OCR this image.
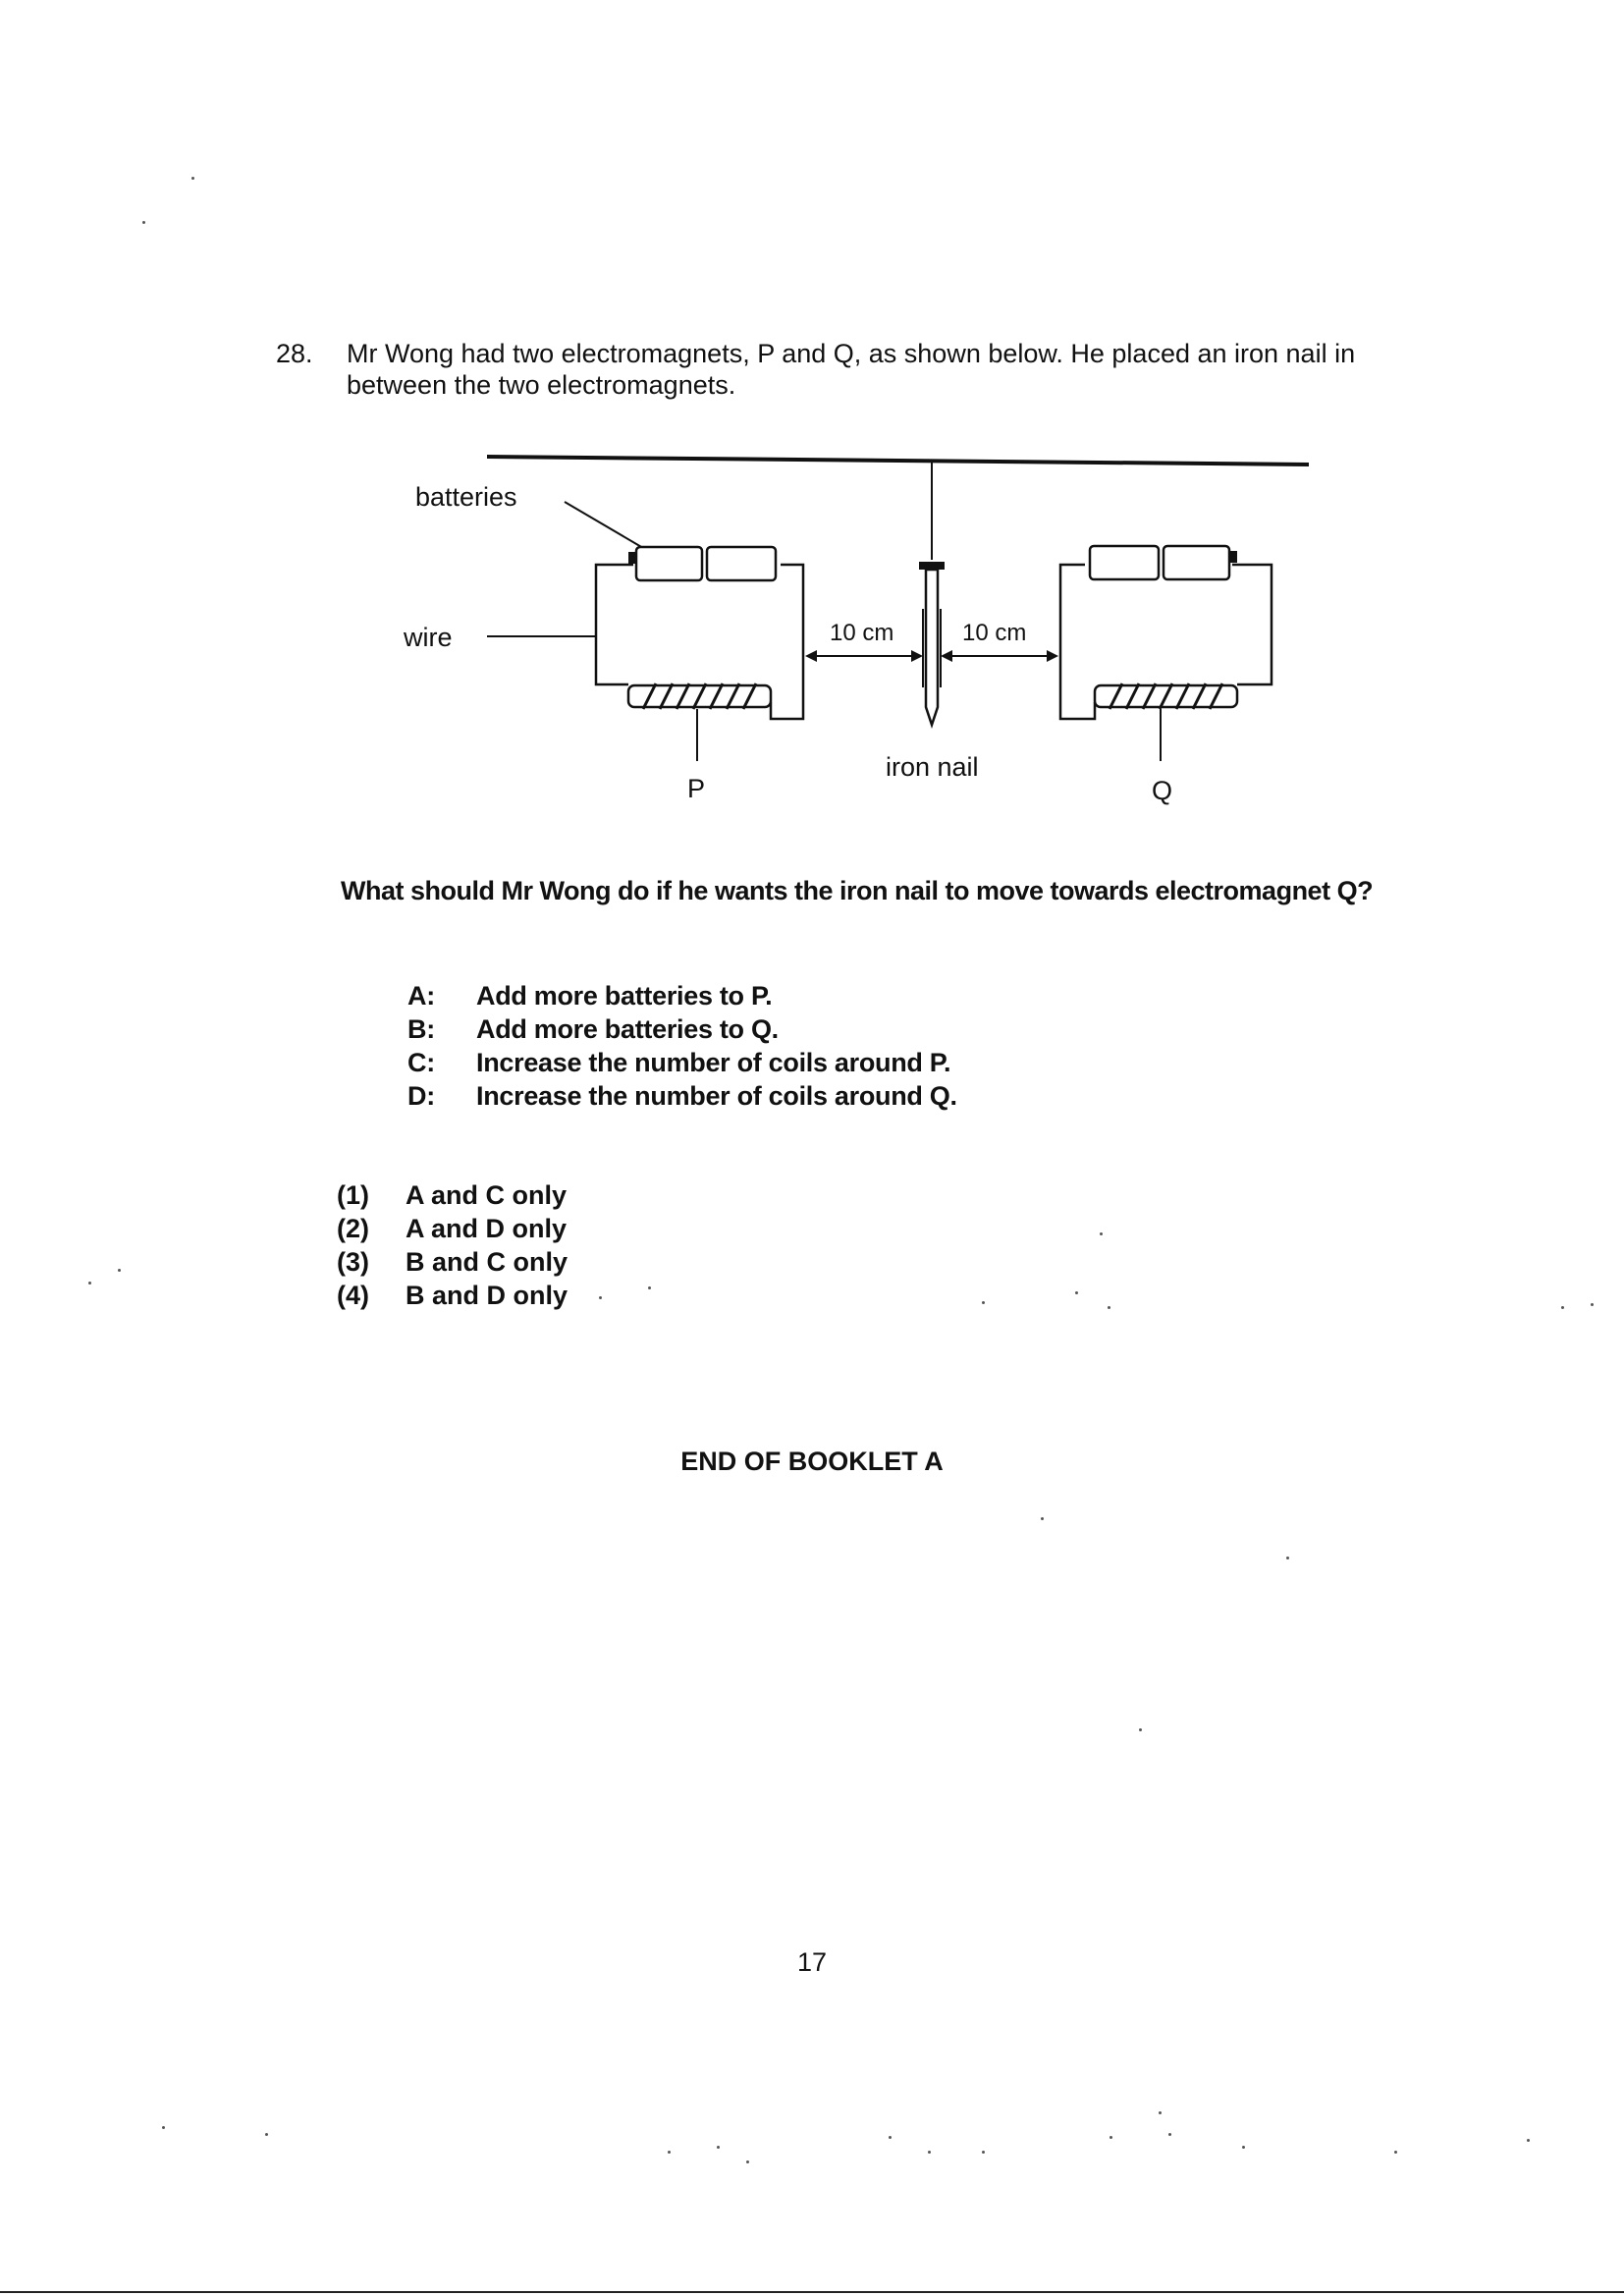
28. Mr Wong had two electromagnets, P and Q, as shown below. He placed an iron nail in between the two electromagnets.
batteries
wire	10 cm	10 cm
iron nail
P	Q
What should Mr Wong do if he wants the iron nail to move towards electromagnet Q?
A: Add more batteries to P.
B: Add more batteries to Q.
C: Increase the number of coils around P.
D: Increase the number of coils around Q.
(1) A and C only
(2) A and D only
(3) B and C only
(4) B and D only
END OF BOOKLET A
17
